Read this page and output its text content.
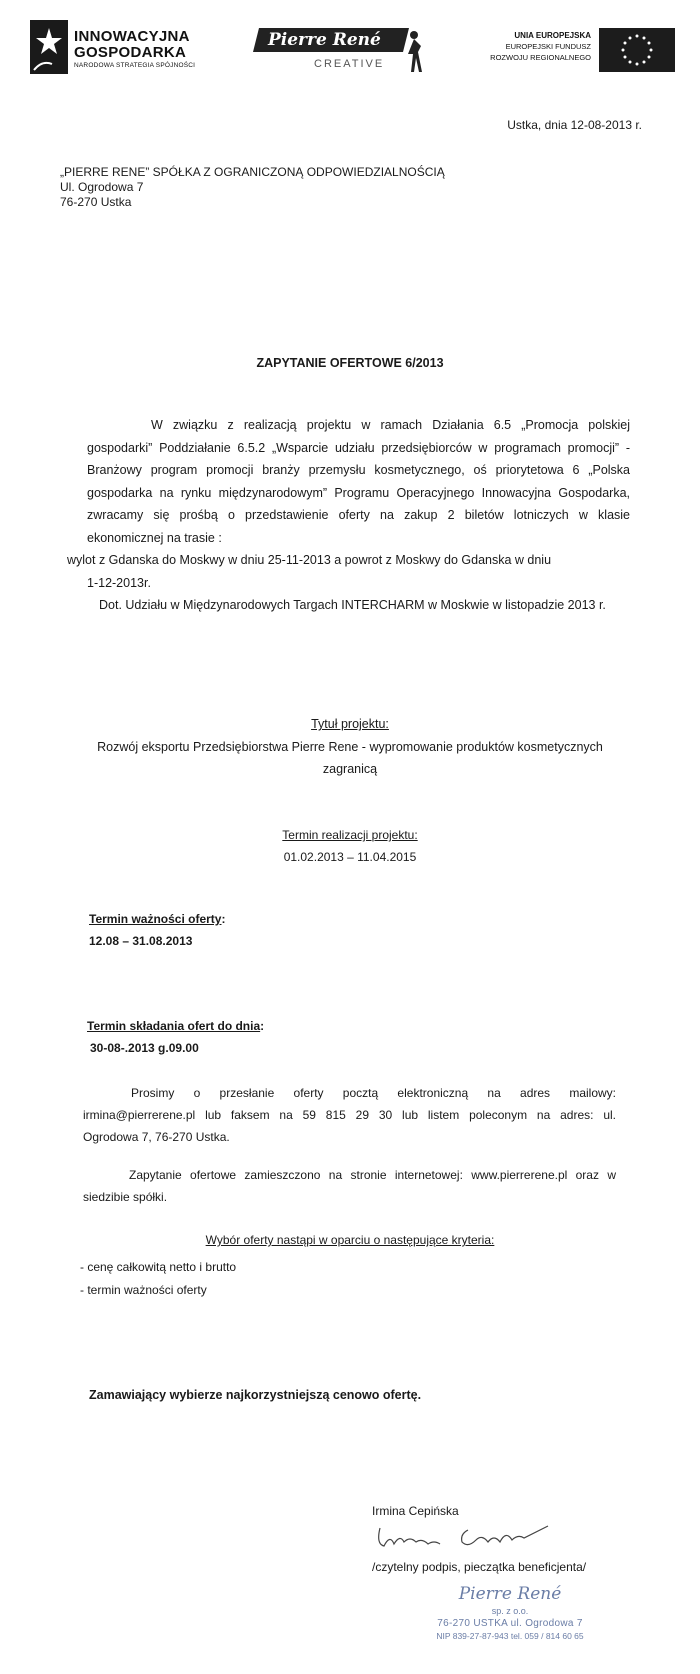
INNOWACYJNA
GOSPODARKA
NARODOWA STRATEGIA SPÓJNOŚCI
Pierre René
CREATIVE
UNIA EUROPEJSKA
EUROPEJSKI FUNDUSZ
ROZWOJU REGIONALNEGO
Ustka, dnia 12-08-2013 r.
„PIERRE RENE” SPÓŁKA Z OGRANICZONĄ ODPOWIEDZIALNOŚCIĄ
Ul. Ogrodowa 7
76-270 Ustka
ZAPYTANIE OFERTOWE 6/2013
W związku z realizacją projektu w ramach Działania 6.5 „Promocja polskiej
gospodarki” Poddziałanie 6.5.2 „Wsparcie udziału przedsiębiorców w programach promocji” -
Branżowy program promocji branży przemysłu kosmetycznego, oś priorytetowa 6 „Polska
gospodarka na rynku międzynarodowym” Programu Operacyjnego Innowacyjna Gospodarka,
zwracamy się prośbą o przedstawienie oferty na zakup 2 biletów lotniczych w klasie
ekonomicznej na trasie :
wylot z Gdanska do Moskwy w dniu 25-11-2013 a powrot z Moskwy do Gdanska w dniu
1-12-2013r.
Dot. Udziału w Międzynarodowych Targach INTERCHARM w Moskwie w listopadzie 2013 r.
Tytuł projektu:
Rozwój eksportu Przedsiębiorstwa Pierre Rene - wypromowanie produktów kosmetycznych
zagranicą
Termin realizacji projektu:
01.02.2013 – 11.04.2015
Termin ważności oferty:
12.08 – 31.08.2013
Termin składania ofert do dnia:
30-08-.2013 g.09.00
Prosimy o przesłanie oferty pocztą elektroniczną na adres mailowy:
irmina@pierrerene.pl lub faksem na 59 815 29 30 lub listem poleconym na adres: ul.
Ogrodowa 7, 76-270 Ustka.
Zapytanie ofertowe zamieszczono na stronie internetowej: www.pierrerene.pl oraz w
siedzibie spółki.
Wybór oferty nastąpi w oparciu o następujące kryteria:
- cenę całkowitą netto i brutto
- termin ważności oferty
Zamawiający wybierze najkorzystniejszą cenowo ofertę.
Irmina Cepińska
/czytelny podpis, pieczątka beneficjenta/
Pierre René
sp. z o.o.
76-270 USTKA ul. Ogrodowa 7
NIP 839-27-87-943 tel. 059 / 814 60 65
